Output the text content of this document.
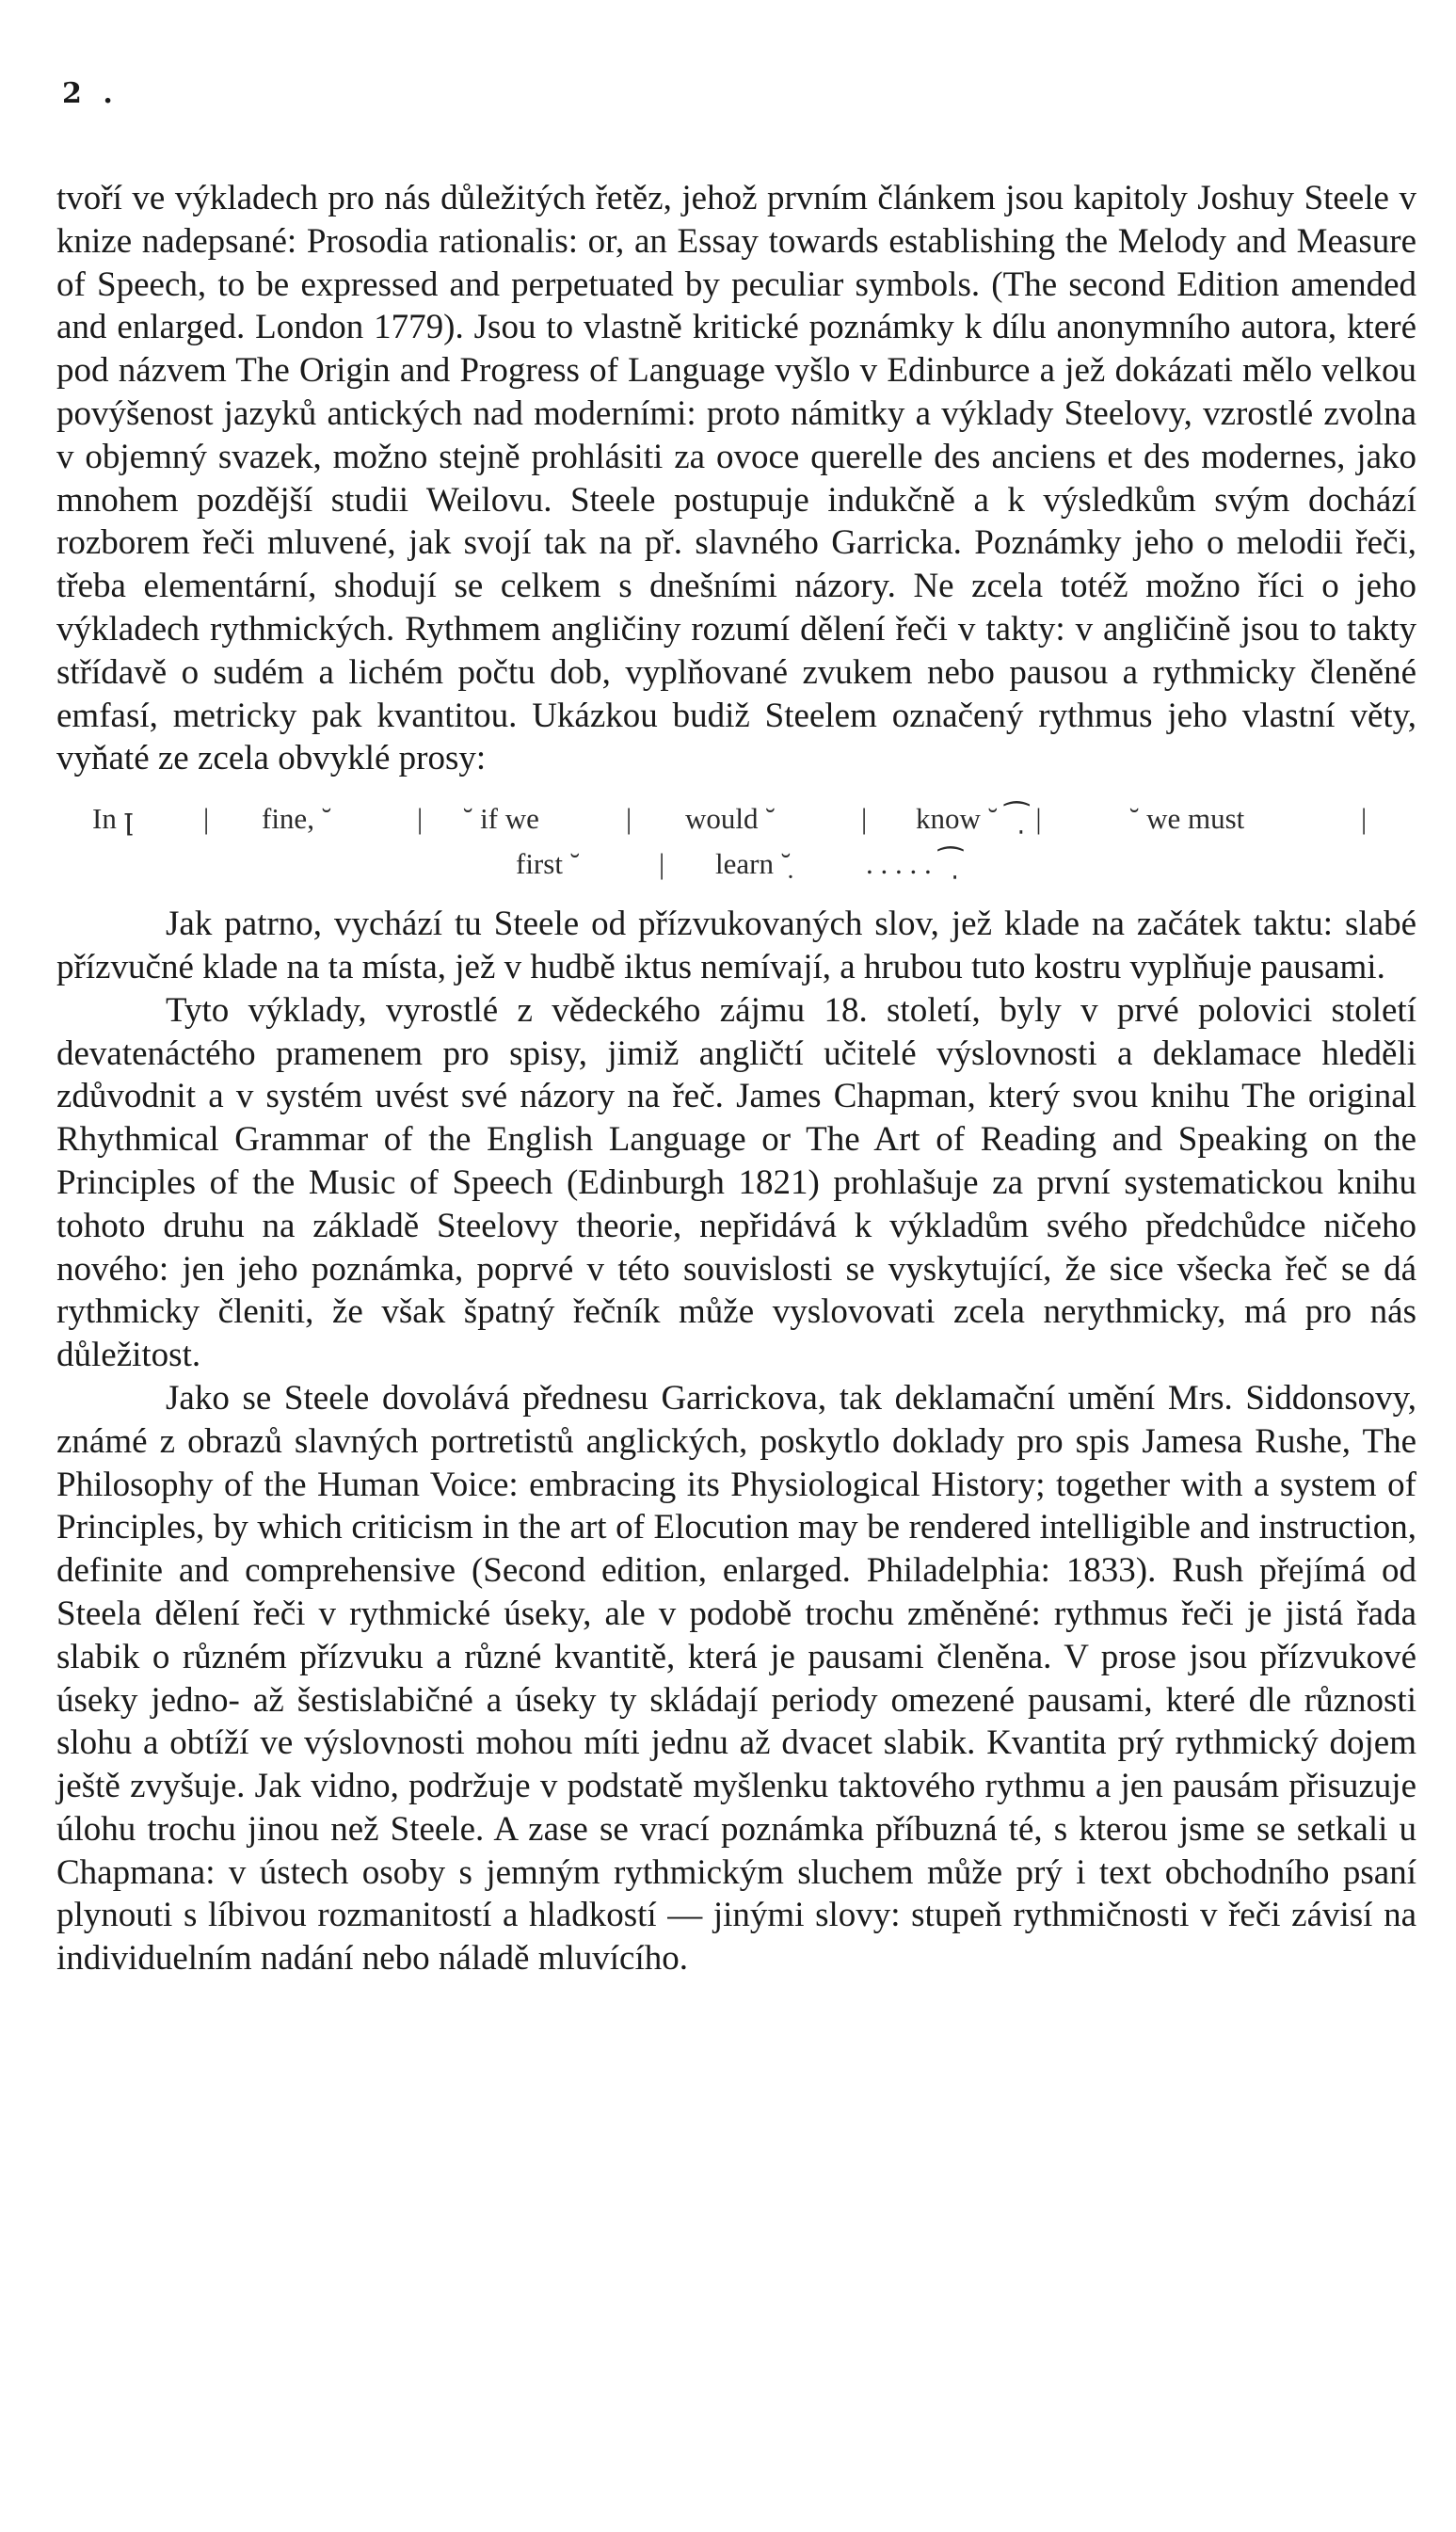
2 .

tvoří ve výkladech pro nás důležitých řetěz, jehož prvním článkem jsou kapitoly Joshuy Steele v knize nadepsané: Prosodia rationalis: or, an Essay towards establishing the Melody and Measure of Speech, to be expressed and perpetuated by peculiar symbols. (The second Edition amended and enlarged. London 1779). Jsou to vlastně kritické poznámky k dílu anonymního autora, které pod názvem The Origin and Progress of Language vyšlo v Edinburce a jež dokázati mělo velkou povýšenost jazyků antických nad moderními: proto námitky a výklady Steelovy, vzrostlé zvolna v objemný svazek, možno stejně prohlásiti za ovoce querelle des anciens et des modernes, jako mnohem pozdější studii Weilovu. Steele postupuje indukčně a k výsledkům svým dochází rozborem řeči mluvené, jak svojí tak na př. slavného Garricka. Poznámky jeho o melodii řeči, třeba elementární, shodují se celkem s dnešními názory. Ne zcela totéž možno říci o jeho výkladech rythmických. Rythmem angličiny rozumí dělení řeči v takty: v angličině jsou to takty střídavě o sudém a lichém počtu dob, vyplňované zvukem nebo pausou a rythmicky členěné emfasí, metricky pak kvantitou. Ukázkou budiž Steelem označený rythmus jeho vlastní věty, vyňaté ze zcela obvyklé prosy:

In ꞁ | fine, ˘	| ˘ if we	| would ˘	| know ˘ ⁀̣ |	˘ we must	|
first ˘	| learn ˘̣	. . . . . ⁀̣

Jak patrno, vychází tu Steele od přízvukovaných slov, jež klade na začátek taktu: slabé přízvučné klade na ta místa, jež v hudbě iktus nemívají, a hrubou tuto kostru vyplňuje pausami.

Tyto výklady, vyrostlé z vědeckého zájmu 18. století, byly v prvé polovici století devatenáctého pramenem pro spisy, jimiž angličtí učitelé výslovnosti a deklamace hleděli zdůvodnit a v systém uvést své názory na řeč. James Chapman, který svou knihu The original Rhythmical Grammar of the English Language or The Art of Reading and Speaking on the Principles of the Music of Speech (Edinburgh 1821) prohlašuje za první systematickou knihu tohoto druhu na základě Steelovy theorie, nepřidává k výkladům svého předchůdce ničeho nového: jen jeho poznámka, poprvé v této souvislosti se vyskytující, že sice všecka řeč se dá rythmicky členiti, že však špatný řečník může vyslovovati zcela nerythmicky, má pro nás důležitost.

Jako se Steele dovolává přednesu Garrickova, tak deklamační umění Mrs. Siddonsovy, známé z obrazů slavných portretistů anglických, poskytlo doklady pro spis Jamesa Rushe, The Philosophy of the Human Voice: embracing its Physiological History; together with a system of Principles, by which criticism in the art of Elocution may be rendered intelligible and instruction, definite and comprehensive (Second edition, enlarged. Philadelphia: 1833). Rush přejímá od Steela dělení řeči v rythmické úseky, ale v podobě trochu změněné: rythmus řeči je jistá řada slabik o různém přízvuku a různé kvantitě, která je pausami členěna. V prose jsou přízvukové úseky jedno- až šestislabičné a úseky ty skládají periody omezené pausami, které dle různosti slohu a obtíží ve výslovnosti mohou míti jednu až dvacet slabik. Kvantita prý rythmický dojem ještě zvyšuje. Jak vidno, podržuje v podstatě myšlenku taktového rythmu a jen pausám přisuzuje úlohu trochu jinou než Steele. A zase se vrací poznámka příbuzná té, s kterou jsme se setkali u Chapmana: v ústech osoby s jemným rythmickým sluchem může prý i text obchodního psaní plynouti s líbivou rozmanitostí a hladkostí — jinými slovy: stupeň rythmičnosti v řeči závisí na individuelním nadání nebo náladě mluvícího.
